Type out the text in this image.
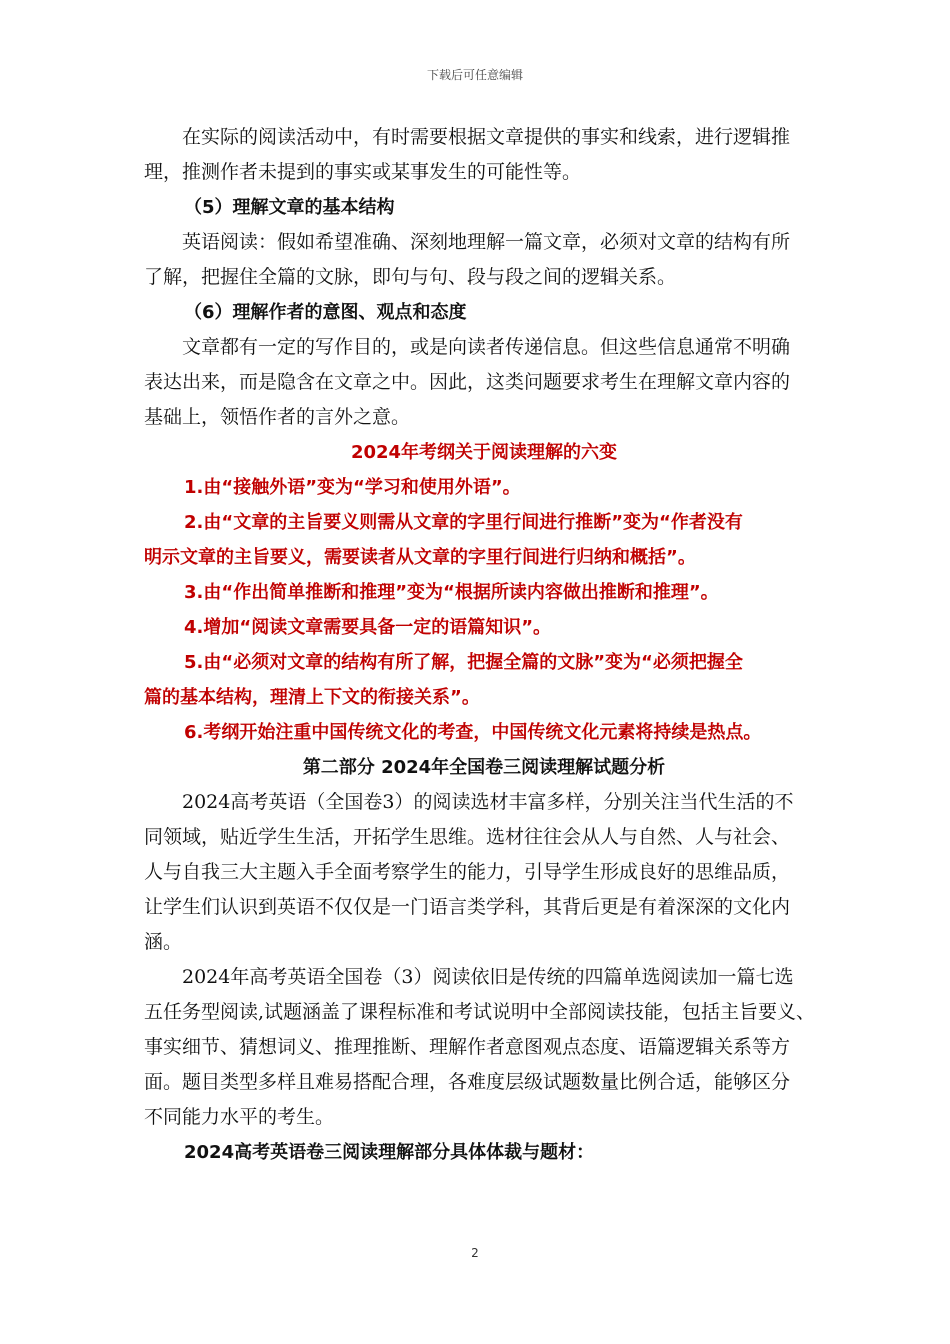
下载后可任意编辑
在实际的阅读活动中，有时需要根据文章提供的事实和线索，进行逻辑推
理，推测作者未提到的事实或某事发生的可能性等。
（5）理解文章的基本结构
英语阅读：假如希望准确、深刻地理解一篇文章，必须对文章的结构有所
了解，把握住全篇的文脉，即句与句、段与段之间的逻辑关系。
（6）理解作者的意图、观点和态度
文章都有一定的写作目的，或是向读者传递信息。但这些信息通常不明确
表达出来，而是隐含在文章之中。因此，这类问题要求考生在理解文章内容的
基础上，领悟作者的言外之意。
2024年考纲关于阅读理解的六变
1.由“接触外语”变为“学习和使用外语”。
2.由“文章的主旨要义则需从文章的字里行间进行推断”变为“作者没有
明示文章的主旨要义，需要读者从文章的字里行间进行归纳和概括”。
3.由“作出简单推断和推理”变为“根据所读内容做出推断和推理”。
4.增加“阅读文章需要具备一定的语篇知识”。
5.由“必须对文章的结构有所了解，把握全篇的文脉”变为“必须把握全
篇的基本结构，理清上下文的衔接关系”。
6.考纲开始注重中国传统文化的考查，中国传统文化元素将持续是热点。
第二部分 2024年全国卷三阅读理解试题分析
2024高考英语（全国卷3）的阅读选材丰富多样，分别关注当代生活的不
同领域，贴近学生生活，开拓学生思维。选材往往会从人与自然、人与社会、
人与自我三大主题入手全面考察学生的能力，引导学生形成良好的思维品质，
让学生们认识到英语不仅仅是一门语言类学科，其背后更是有着深深的文化内
涵。
2024年高考英语全国卷（3）阅读依旧是传统的四篇单选阅读加一篇七选
五任务型阅读,试题涵盖了课程标准和考试说明中全部阅读技能，包括主旨要义、
事实细节、猜想词义、推理推断、理解作者意图观点态度、语篇逻辑关系等方
面。题目类型多样且难易搭配合理，各难度层级试题数量比例合适，能够区分
不同能力水平的考生。
2024高考英语卷三阅读理解部分具体体裁与题材：
2
